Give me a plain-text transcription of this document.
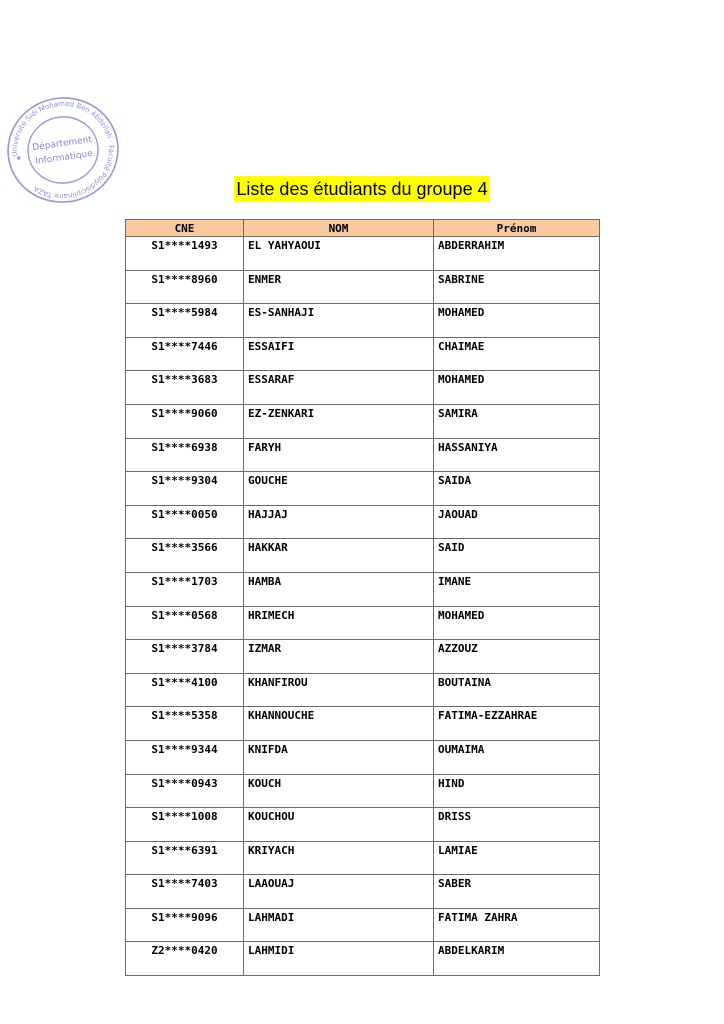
Université Sidi Mohamed Ben Abdellah · Faculté Polydisciplinaire TAZA
Département
Informatique
★
Liste des étudiants du groupe 4
CNE	NOM	Prénom
S1****1493	EL YAHYAOUI	ABDERRAHIM
S1****8960	ENMER	SABRINE
S1****5984	ES-SANHAJI	MOHAMED
S1****7446	ESSAIFI	CHAIMAE
S1****3683	ESSARAF	MOHAMED
S1****9060	EZ-ZENKARI	SAMIRA
S1****6938	FARYH	HASSANIYA
S1****9304	GOUCHE	SAIDA
S1****0050	HAJJAJ	JAOUAD
S1****3566	HAKKAR	SAID
S1****1703	HAMBA	IMANE
S1****0568	HRIMECH	MOHAMED
S1****3784	IZMAR	AZZOUZ
S1****4100	KHANFIROU	BOUTAINA
S1****5358	KHANNOUCHE	FATIMA-EZZAHRAE
S1****9344	KNIFDA	OUMAIMA
S1****0943	KOUCH	HIND
S1****1008	KOUCHOU	DRISS
S1****6391	KRIYACH	LAMIAE
S1****7403	LAAOUAJ	SABER
S1****9096	LAHMADI	FATIMA ZAHRA
Z2****0420	LAHMIDI	ABDELKARIM
